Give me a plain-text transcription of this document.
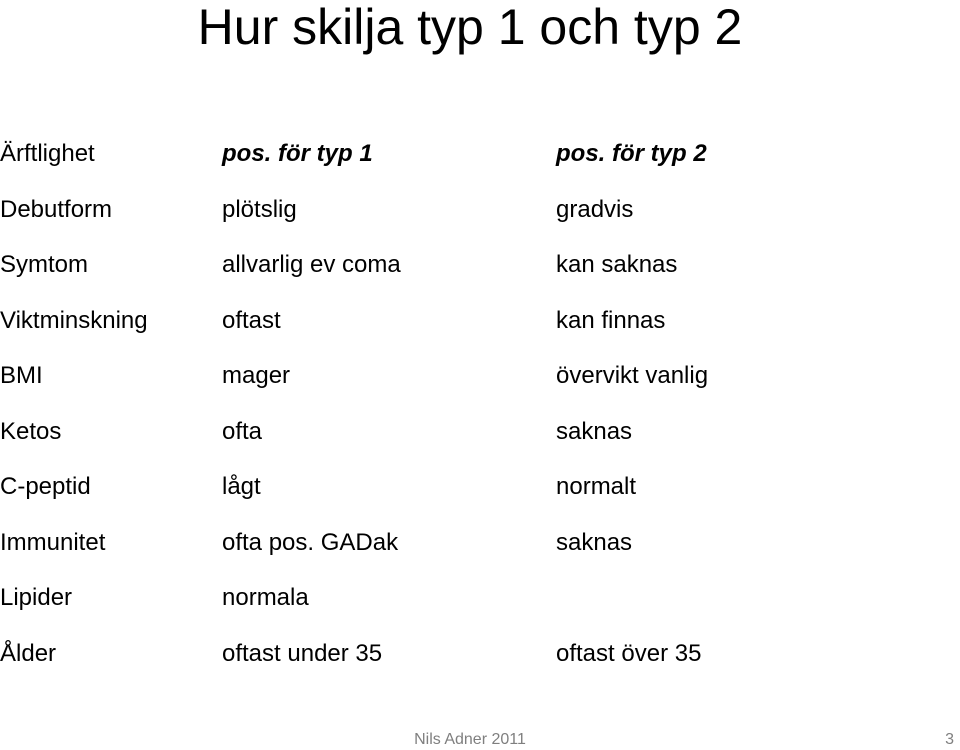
Hur skilja typ 1 och typ 2
Ärftlighet	pos. för typ 1	pos. för typ 2
Debutform	plötslig	gradvis
Symtom	allvarlig ev coma	kan saknas
Viktminskning	oftast	kan finnas
BMI	mager	övervikt vanlig
Ketos	ofta	saknas
C-peptid	lågt	normalt
Immunitet	ofta pos. GADak	saknas
Lipider	normala
Ålder	oftast under 35	oftast över 35
Nils Adner 2011	3
